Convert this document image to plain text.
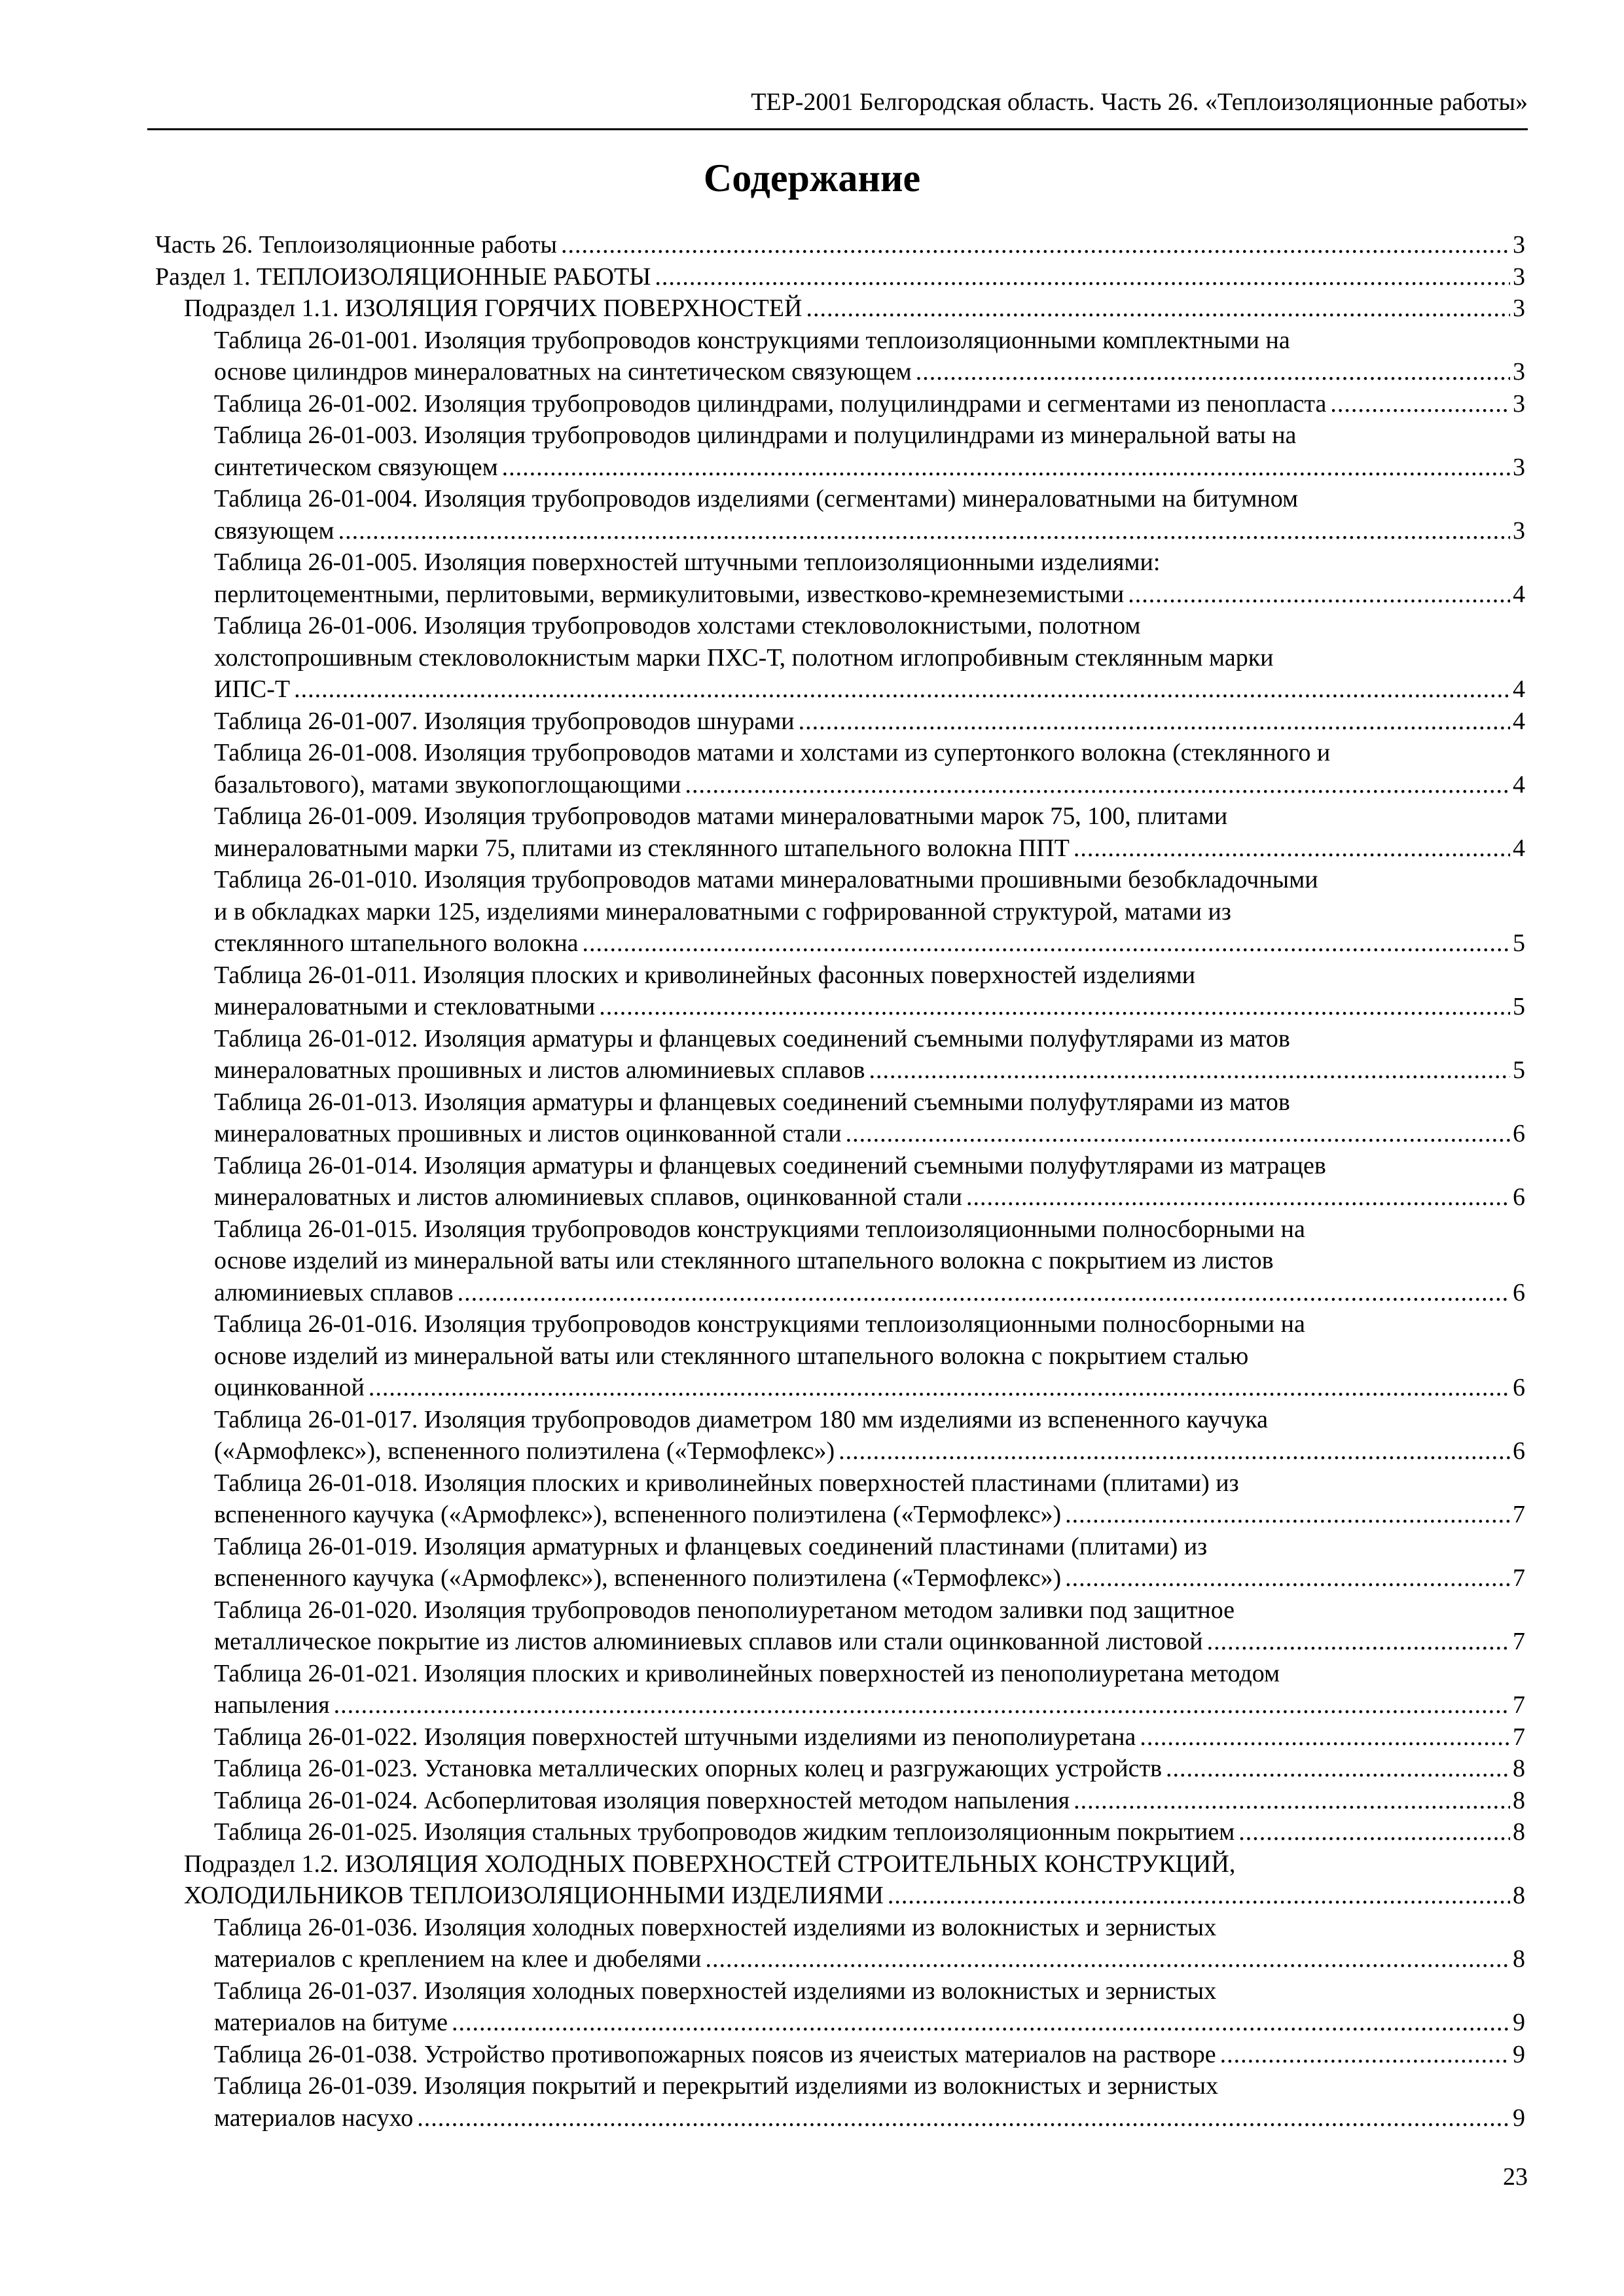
ТЕР-2001 Белгородская область. Часть 26. «Теплоизоляционные работы»
Содержание
Часть 26. Теплоизоляционные работы .....	3
Раздел 1. ТЕПЛОИЗОЛЯЦИОННЫЕ РАБОТЫ .....	3
Подраздел 1.1. ИЗОЛЯЦИЯ ГОРЯЧИХ ПОВЕРХНОСТЕЙ .....	3
Таблица 26-01-001. Изоляция трубопроводов конструкциями теплоизоляционными комплектными на
основе цилиндров минераловатных на синтетическом связующем .....	3
Таблица 26-01-002. Изоляция трубопроводов цилиндрами, полуцилиндрами и сегментами из пенопласта .....	3
Таблица 26-01-003. Изоляция трубопроводов цилиндрами и полуцилиндрами из минеральной ваты на
синтетическом связующем .....	3
Таблица 26-01-004. Изоляция трубопроводов изделиями (сегментами) минераловатными на битумном
связующем .....	3
Таблица 26-01-005. Изоляция поверхностей штучными теплоизоляционными изделиями:
перлитоцементными, перлитовыми, вермикулитовыми, известково-кремнеземистыми .....	4
Таблица 26-01-006. Изоляция трубопроводов холстами стекловолокнистыми, полотном
холстопрошивным стекловолокнистым марки ПХС-Т, полотном иглопробивным стеклянным марки
ИПС-Т .....	4
Таблица 26-01-007. Изоляция трубопроводов шнурами .....	4
Таблица 26-01-008. Изоляция трубопроводов матами и холстами из супертонкого волокна (стеклянного и
базальтового), матами звукопоглощающими .....	4
Таблица 26-01-009. Изоляция трубопроводов матами минераловатными марок 75, 100, плитами
минераловатными марки 75, плитами из стеклянного штапельного волокна ППТ .....	4
Таблица 26-01-010. Изоляция трубопроводов матами минераловатными прошивными безобкладочными
и в обкладках марки 125, изделиями минераловатными с гофрированной структурой, матами из
стеклянного штапельного волокна .....	5
Таблица 26-01-011. Изоляция плоских и криволинейных фасонных поверхностей изделиями
минераловатными и стекловатными .....	5
Таблица 26-01-012. Изоляция арматуры и фланцевых соединений съемными полуфутлярами из матов
минераловатных прошивных и листов алюминиевых сплавов .....	5
Таблица 26-01-013. Изоляция арматуры и фланцевых соединений съемными полуфутлярами из матов
минераловатных прошивных и листов оцинкованной стали .....	6
Таблица 26-01-014. Изоляция арматуры и фланцевых соединений съемными полуфутлярами из матрацев
минераловатных и листов алюминиевых сплавов, оцинкованной стали .....	6
Таблица 26-01-015. Изоляция трубопроводов конструкциями теплоизоляционными полносборными на
основе изделий из минеральной ваты или стеклянного штапельного волокна с покрытием из листов
алюминиевых сплавов .....	6
Таблица 26-01-016. Изоляция трубопроводов конструкциями теплоизоляционными полносборными на
основе изделий из минеральной ваты или стеклянного штапельного волокна с покрытием сталью
оцинкованной .....	6
Таблица 26-01-017. Изоляция трубопроводов диаметром 180 мм изделиями из вспененного каучука
(«Армофлекс»), вспененного полиэтилена («Термофлекс») .....	6
Таблица 26-01-018. Изоляция плоских и криволинейных поверхностей пластинами (плитами) из
вспененного каучука («Армофлекс»), вспененного полиэтилена («Термофлекс») .....	7
Таблица 26-01-019. Изоляция арматурных и фланцевых соединений пластинами (плитами) из
вспененного каучука («Армофлекс»), вспененного полиэтилена («Термофлекс») .....	7
Таблица 26-01-020. Изоляция трубопроводов пенополиуретаном методом заливки под защитное
металлическое покрытие из листов алюминиевых сплавов или стали оцинкованной листовой .....	7
Таблица 26-01-021. Изоляция плоских и криволинейных поверхностей из пенополиуретана методом
напыления .....	7
Таблица 26-01-022. Изоляция поверхностей штучными изделиями из пенополиуретана .....	7
Таблица 26-01-023. Установка металлических опорных колец и разгружающих устройств .....	8
Таблица 26-01-024. Асбоперлитовая изоляция поверхностей методом напыления .....	8
Таблица 26-01-025. Изоляция стальных трубопроводов жидким теплоизоляционным покрытием .....	8
Подраздел 1.2. ИЗОЛЯЦИЯ ХОЛОДНЫХ ПОВЕРХНОСТЕЙ СТРОИТЕЛЬНЫХ КОНСТРУКЦИЙ,
ХОЛОДИЛЬНИКОВ ТЕПЛОИЗОЛЯЦИОННЫМИ ИЗДЕЛИЯМИ .....	8
Таблица 26-01-036. Изоляция холодных поверхностей изделиями из волокнистых и зернистых
материалов с креплением на клее и дюбелями .....	8
Таблица 26-01-037. Изоляция холодных поверхностей изделиями из волокнистых и зернистых
материалов на битуме .....	9
Таблица 26-01-038. Устройство противопожарных поясов из ячеистых материалов на растворе .....	9
Таблица 26-01-039. Изоляция покрытий и перекрытий изделиями из волокнистых и зернистых
материалов насухо .....	9
23
